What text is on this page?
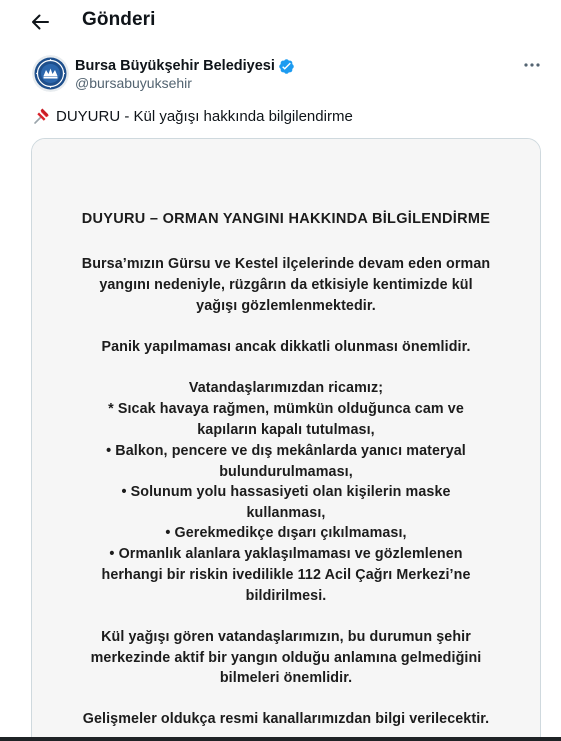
Gönderi
Bursa Büyükşehir Belediyesi
@bursabuyuksehir
DUYURU - Kül yağışı hakkında bilgilendirme
DUYURU – ORMAN YANGINI HAKKINDA BİLGİLENDİRME
Bursa’mızın Gürsu ve Kestel ilçelerinde devam eden orman
yangını nedeniyle, rüzgârın da etkisiyle kentimizde kül
yağışı gözlemlenmektedir.
Panik yapılmaması ancak dikkatli olunması önemlidir.
Vatandaşlarımızdan ricamız;
* Sıcak havaya rağmen, mümkün olduğunca cam ve
kapıların kapalı tutulması,
• Balkon, pencere ve dış mekânlarda yanıcı materyal
bulundurulmaması,
• Solunum yolu hassasiyeti olan kişilerin maske
kullanması,
• Gerekmedikçe dışarı çıkılmaması,
• Ormanlık alanlara yaklaşılmaması ve gözlemlenen
herhangi bir riskin ivedilikle 112 Acil Çağrı Merkezi’ne
bildirilmesi.
Kül yağışı gören vatandaşlarımızın, bu durumun şehir
merkezinde aktif bir yangın olduğu anlamına gelmediğini
bilmeleri önemlidir.
Gelişmeler oldukça resmi kanallarımızdan bilgi verilecektir.
